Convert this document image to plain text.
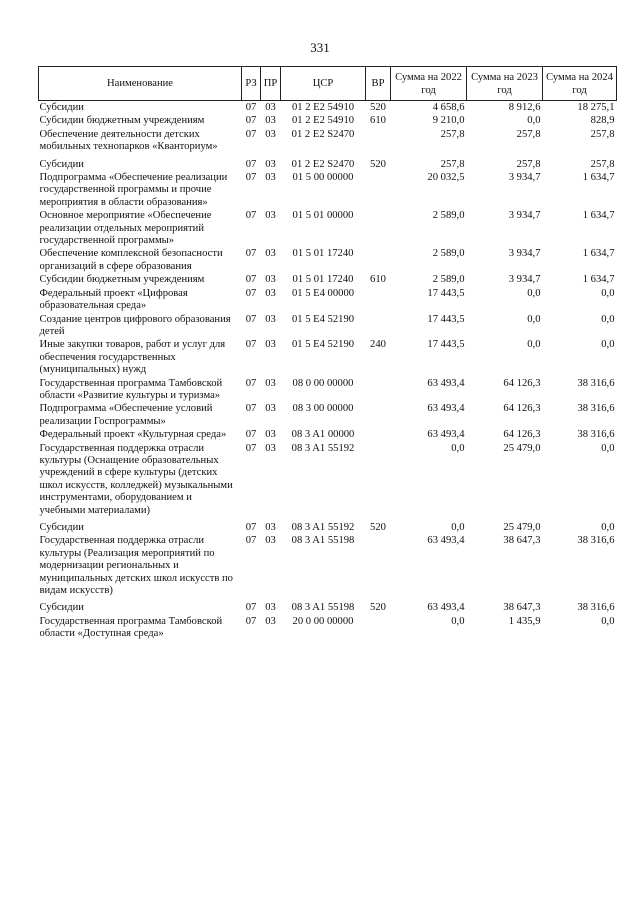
331
Наименование	РЗ	ПР	ЦСР	ВР	Сумма на 2022 год	Сумма на 2023 год	Сумма на 2024 год
Субсидии	07	03	01 2 E2 54910	520	4 658,6	8 912,6	18 275,1
Субсидии бюджетным учреждениям	07	03	01 2 E2 54910	610	9 210,0	0,0	828,9
Обеспечение деятельности детских мобильных технопарков «Кванториум»	07	03	01 2 E2 S2470		257,8	257,8	257,8
Субсидии	07	03	01 2 E2 S2470	520	257,8	257,8	257,8
Подпрограмма «Обеспечение реализации государственной программы и прочие мероприятия в области образования»	07	03	01 5 00 00000		20 032,5	3 934,7	1 634,7
Основное мероприятие «Обеспечение реализации отдельных мероприятий государственной программы»	07	03	01 5 01 00000		2 589,0	3 934,7	1 634,7
Обеспечение комплексной безопасности организаций в сфере образования	07	03	01 5 01 17240		2 589,0	3 934,7	1 634,7
Субсидии бюджетным учреждениям	07	03	01 5 01 17240	610	2 589,0	3 934,7	1 634,7
Федеральный проект «Цифровая образовательная среда»	07	03	01 5 E4 00000		17 443,5	0,0	0,0
Создание центров цифрового образования детей	07	03	01 5 E4 52190		17 443,5	0,0	0,0
Иные закупки товаров, работ и услуг для обеспечения государственных (муниципальных) нужд	07	03	01 5 E4 52190	240	17 443,5	0,0	0,0
Государственная программа Тамбовской области «Развитие культуры и туризма»	07	03	08 0 00 00000		63 493,4	64 126,3	38 316,6
Подпрограмма «Обеспечение условий реализации Госпрограммы»	07	03	08 3 00 00000		63 493,4	64 126,3	38 316,6
Федеральный проект «Культурная среда»	07	03	08 3 A1 00000		63 493,4	64 126,3	38 316,6
Государственная поддержка отрасли культуры (Оснащение образовательных учреждений в сфере культуры (детских школ искусств, колледжей) музыкальными инструментами, оборудованием и учебными материалами)	07	03	08 3 A1 55192		0,0	25 479,0	0,0
Субсидии	07	03	08 3 A1 55192	520	0,0	25 479,0	0,0
Государственная поддержка отрасли культуры (Реализация мероприятий по модернизации региональных и муниципальных детских школ искусств по видам искусств)	07	03	08 3 A1 55198		63 493,4	38 647,3	38 316,6
Субсидии	07	03	08 3 A1 55198	520	63 493,4	38 647,3	38 316,6
Государственная программа Тамбовской области «Доступная среда»	07	03	20 0 00 00000		0,0	1 435,9	0,0
